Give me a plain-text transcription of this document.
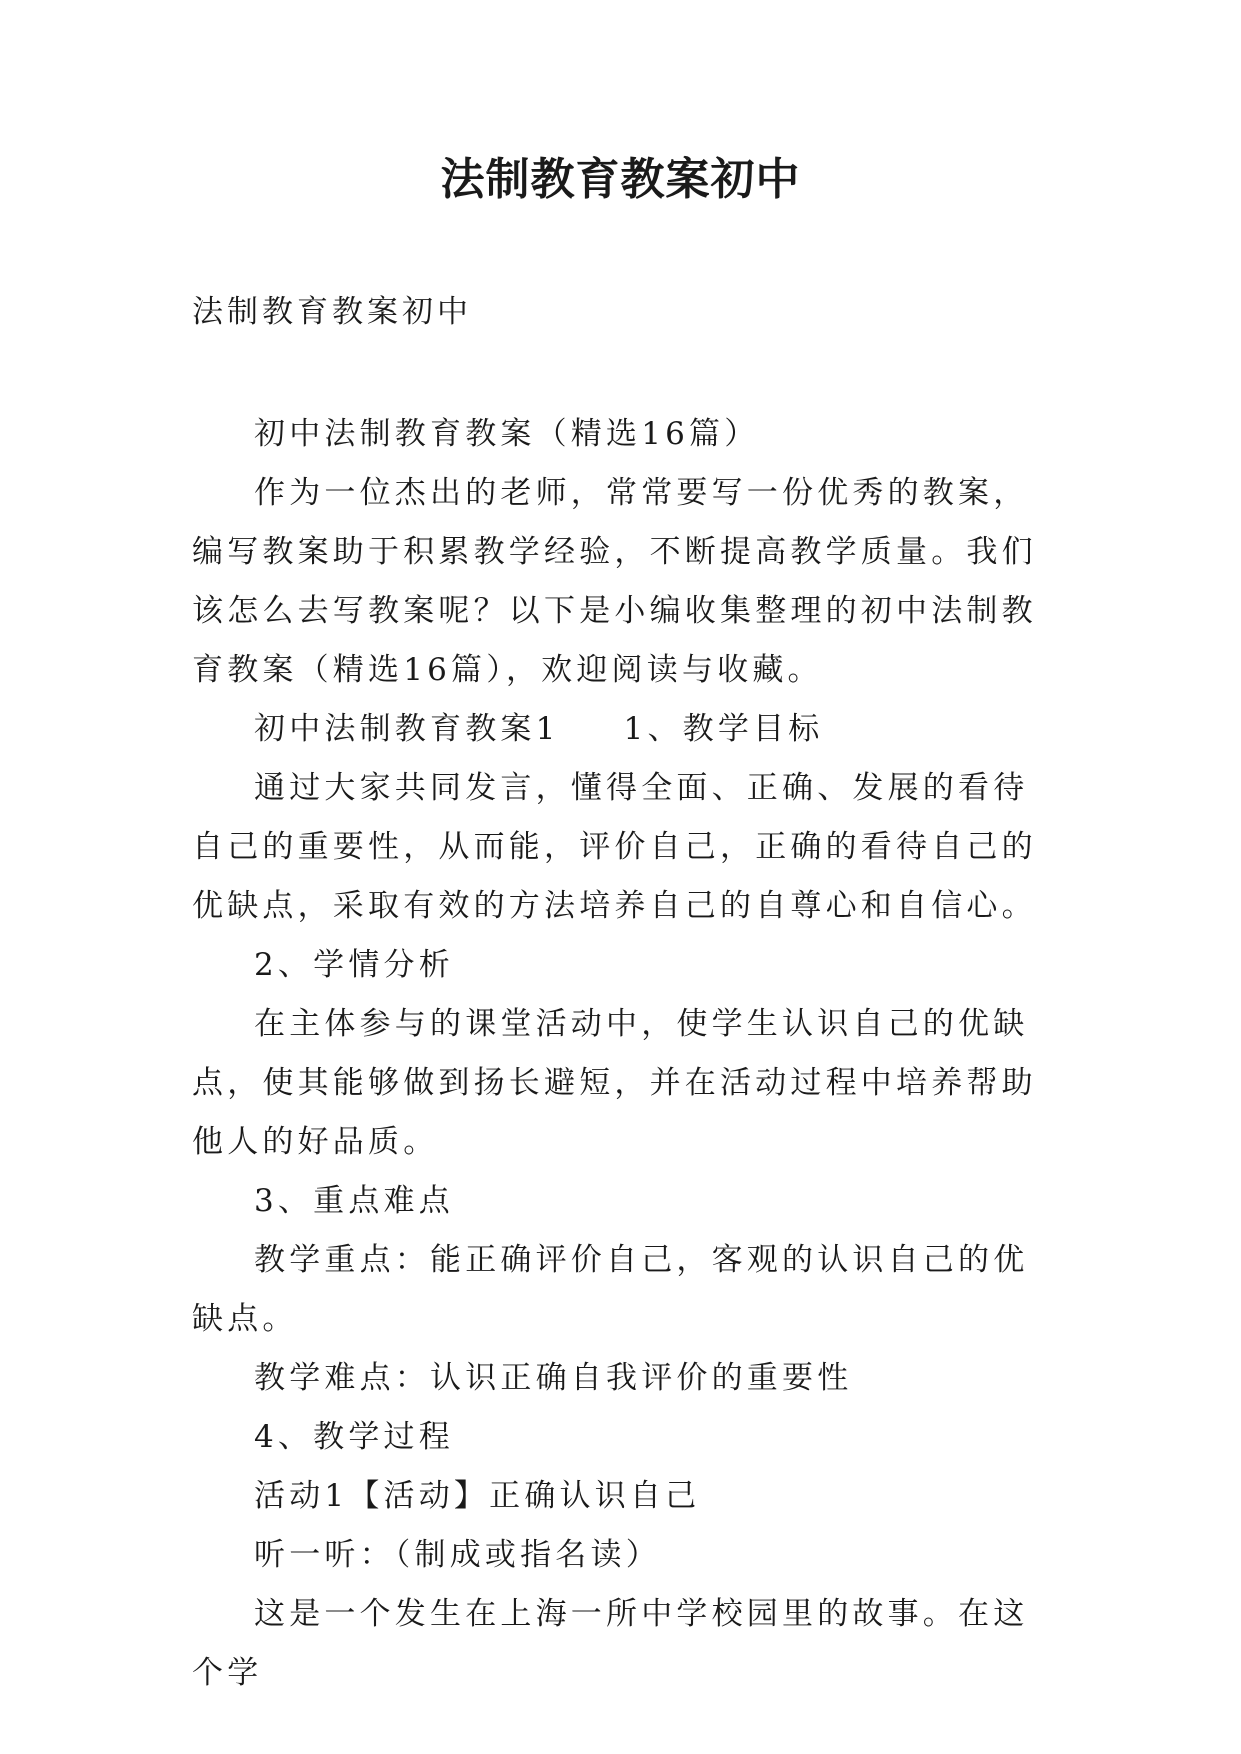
法制教育教案初中

法制教育教案初中

初中法制教育教案（精选16篇）

作为一位杰出的老师，常常要写一份优秀的教案，编写教案助于积累教学经验，不断提高教学质量。我们该怎么去写教案呢？以下是小编收集整理的初中法制教育教案（精选16篇），欢迎阅读与收藏。

初中法制教育教案1 1、教学目标

通过大家共同发言，懂得全面、正确、发展的看待自己的重要性，从而能，评价自己，正确的看待自己的优缺点，采取有效的方法培养自己的自尊心和自信心。

2、学情分析

在主体参与的课堂活动中，使学生认识自己的优缺点，使其能够做到扬长避短，并在活动过程中培养帮助他人的好品质。

3、重点难点

教学重点：能正确评价自己，客观的认识自己的优缺点。

教学难点：认识正确自我评价的重要性

4、教学过程

活动1【活动】正确认识自己

听一听：（制成或指名读）

这是一个发生在上海一所中学校园里的故事。在这个学
